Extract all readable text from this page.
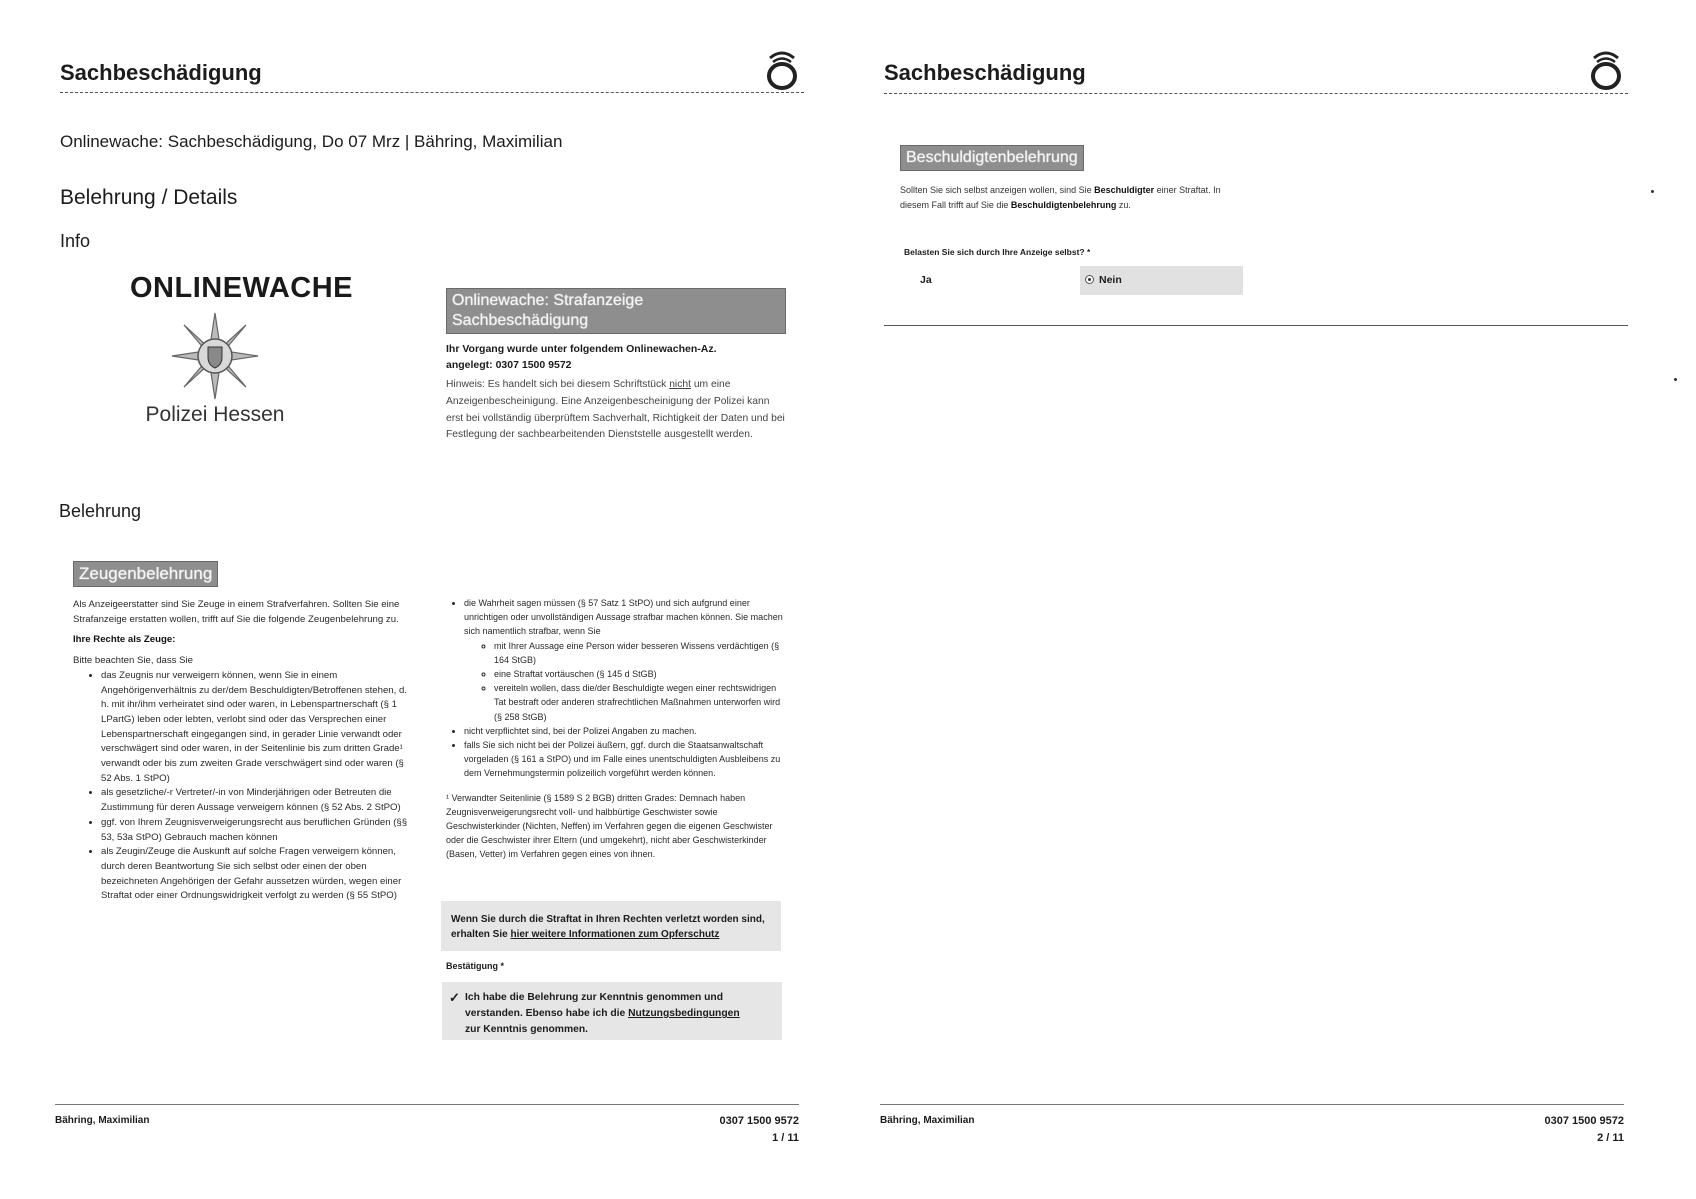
Sachbeschädigung
Onlinewache: Sachbeschädigung, Do 07 Mrz | Bähring, Maximilian
Belehrung / Details
Info
ONLINEWACHE
Polizei Hessen
Onlinewache: Strafanzeige
Sachbeschädigung
Ihr Vorgang wurde unter folgendem Onlinewachen-Az.
angelegt: 0307 1500 9572
Hinweis: Es handelt sich bei diesem Schriftstück nicht um eine Anzeigenbescheinigung. Eine Anzeigenbescheinigung der Polizei kann erst bei vollständig überprüftem Sachverhalt, Richtigkeit der Daten und bei Festlegung der sachbearbeitenden Dienststelle ausgestellt werden.
Belehrung
Zeugenbelehrung
Als Anzeigeerstatter sind Sie Zeuge in einem Strafverfahren. Sollten Sie eine Strafanzeige erstatten wollen, trifft auf Sie die folgende Zeugenbelehrung zu.
Ihre Rechte als Zeuge:
Bitte beachten Sie, dass Sie
• das Zeugnis nur verweigern können, wenn Sie in einem Angehörigenverhältnis zu der/dem Beschuldigten/Betroffenen stehen, d. h. mit ihr/ihm verheiratet sind oder waren, in Lebenspartnerschaft (§ 1 LPartG) leben oder lebten, verlobt sind oder das Versprechen einer Lebenspartnerschaft eingegangen sind, in gerader Linie verwandt oder verschwägert sind oder waren, in der Seitenlinie bis zum dritten Grade¹ verwandt oder bis zum zweiten Grade verschwägert sind oder waren (§ 52 Abs. 1 StPO)
• als gesetzliche/-r Vertreter/-in von Minderjährigen oder Betreuten die Zustimmung für deren Aussage verweigern können (§ 52 Abs. 2 StPO)
• ggf. von Ihrem Zeugnisverweigerungsrecht aus beruflichen Gründen (§§ 53, 53a StPO) Gebrauch machen können
• als Zeugin/Zeuge die Auskunft auf solche Fragen verweigern können, durch deren Beantwortung Sie sich selbst oder einen der oben bezeichneten Angehörigen der Gefahr aussetzen würden, wegen einer Straftat oder einer Ordnungswidrigkeit verfolgt zu werden (§ 55 StPO)
• die Wahrheit sagen müssen (§ 57 Satz 1 StPO) und sich aufgrund einer unrichtigen oder unvollständigen Aussage strafbar machen können. Sie machen sich namentlich strafbar, wenn Sie
◦ mit Ihrer Aussage eine Person wider besseren Wissens verdächtigen (§ 164 StGB)
◦ eine Straftat vortäuschen (§ 145 d StGB)
◦ vereiteln wollen, dass die/der Beschuldigte wegen einer rechtswidrigen Tat bestraft oder anderen strafrechtlichen Maßnahmen unterworfen wird (§ 258 StGB)
• nicht verpflichtet sind, bei der Polizei Angaben zu machen.
• falls Sie sich nicht bei der Polizei äußern, ggf. durch die Staatsanwaltschaft vorgeladen (§ 161 a StPO) und im Falle eines unentschuldigten Ausbleibens zu dem Vernehmungstermin polizeilich vorgeführt werden können.
¹ Verwandter Seitenlinie (§ 1589 S 2 BGB) dritten Grades: Demnach haben Zeugnisverweigerungsrecht voll- und halbbürtige Geschwister sowie Geschwisterkinder (Nichten, Neffen) im Verfahren gegen die eigenen Geschwister oder die Geschwister ihrer Eltern (und umgekehrt), nicht aber Geschwisterkinder (Basen, Vetter) im Verfahren gegen eines von ihnen.
Wenn Sie durch die Straftat in Ihren Rechten verletzt worden sind,
erhalten Sie hier weitere Informationen zum Opferschutz
Bestätigung *
✓ Ich habe die Belehrung zur Kenntnis genommen und
verstanden. Ebenso habe ich die Nutzungsbedingungen
zur Kenntnis genommen.
Bähring, Maximilian	0307 1500 9572
1 / 11
Sachbeschädigung
Beschuldigtenbelehrung
Sollten Sie sich selbst anzeigen wollen, sind Sie Beschuldigter einer Straftat. In diesem Fall trifft auf Sie die Beschuldigtenbelehrung zu.
Belasten Sie sich durch Ihre Anzeige selbst? *
Ja	Nein
Bähring, Maximilian	0307 1500 9572
2 / 11
